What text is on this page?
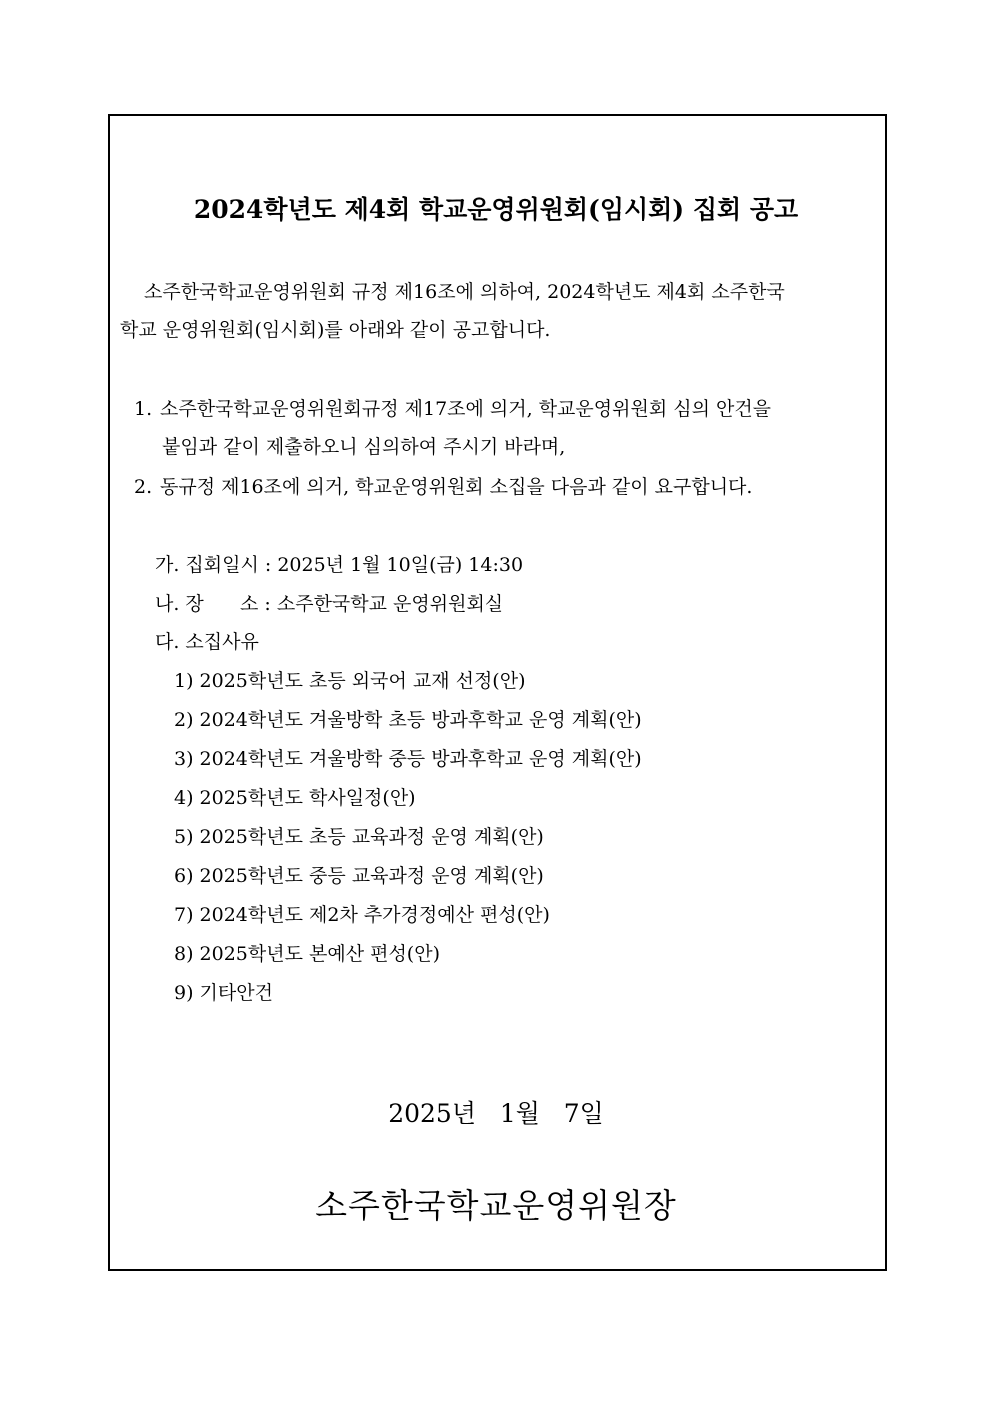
2024학년도 제4회 학교운영위원회(임시회) 집회 공고
소주한국학교운영위원회 규정 제16조에 의하여, 2024학년도 제4회 소주한국
학교 운영위원회(임시회)를 아래와 같이 공고합니다.
1. 소주한국학교운영위원회규정 제17조에 의거, 학교운영위원회 심의 안건을
붙임과 같이 제출하오니 심의하여 주시기 바라며,
2. 동규정 제16조에 의거, 학교운영위원회 소집을 다음과 같이 요구합니다.
가. 집회일시 : 2025년 1월 10일(금) 14:30
나. 장      소 : 소주한국학교 운영위원회실
다. 소집사유
1) 2025학년도 초등 외국어 교재 선정(안)
2) 2024학년도 겨울방학 초등 방과후학교 운영 계획(안)
3) 2024학년도 겨울방학 중등 방과후학교 운영 계획(안)
4) 2025학년도 학사일정(안)
5) 2025학년도 초등 교육과정 운영 계획(안)
6) 2025학년도 중등 교육과정 운영 계획(안)
7) 2024학년도 제2차 추가경정예산 편성(안)
8) 2025학년도 본예산 편성(안)
9) 기타안건
2025년   1월   7일
소주한국학교운영위원장
